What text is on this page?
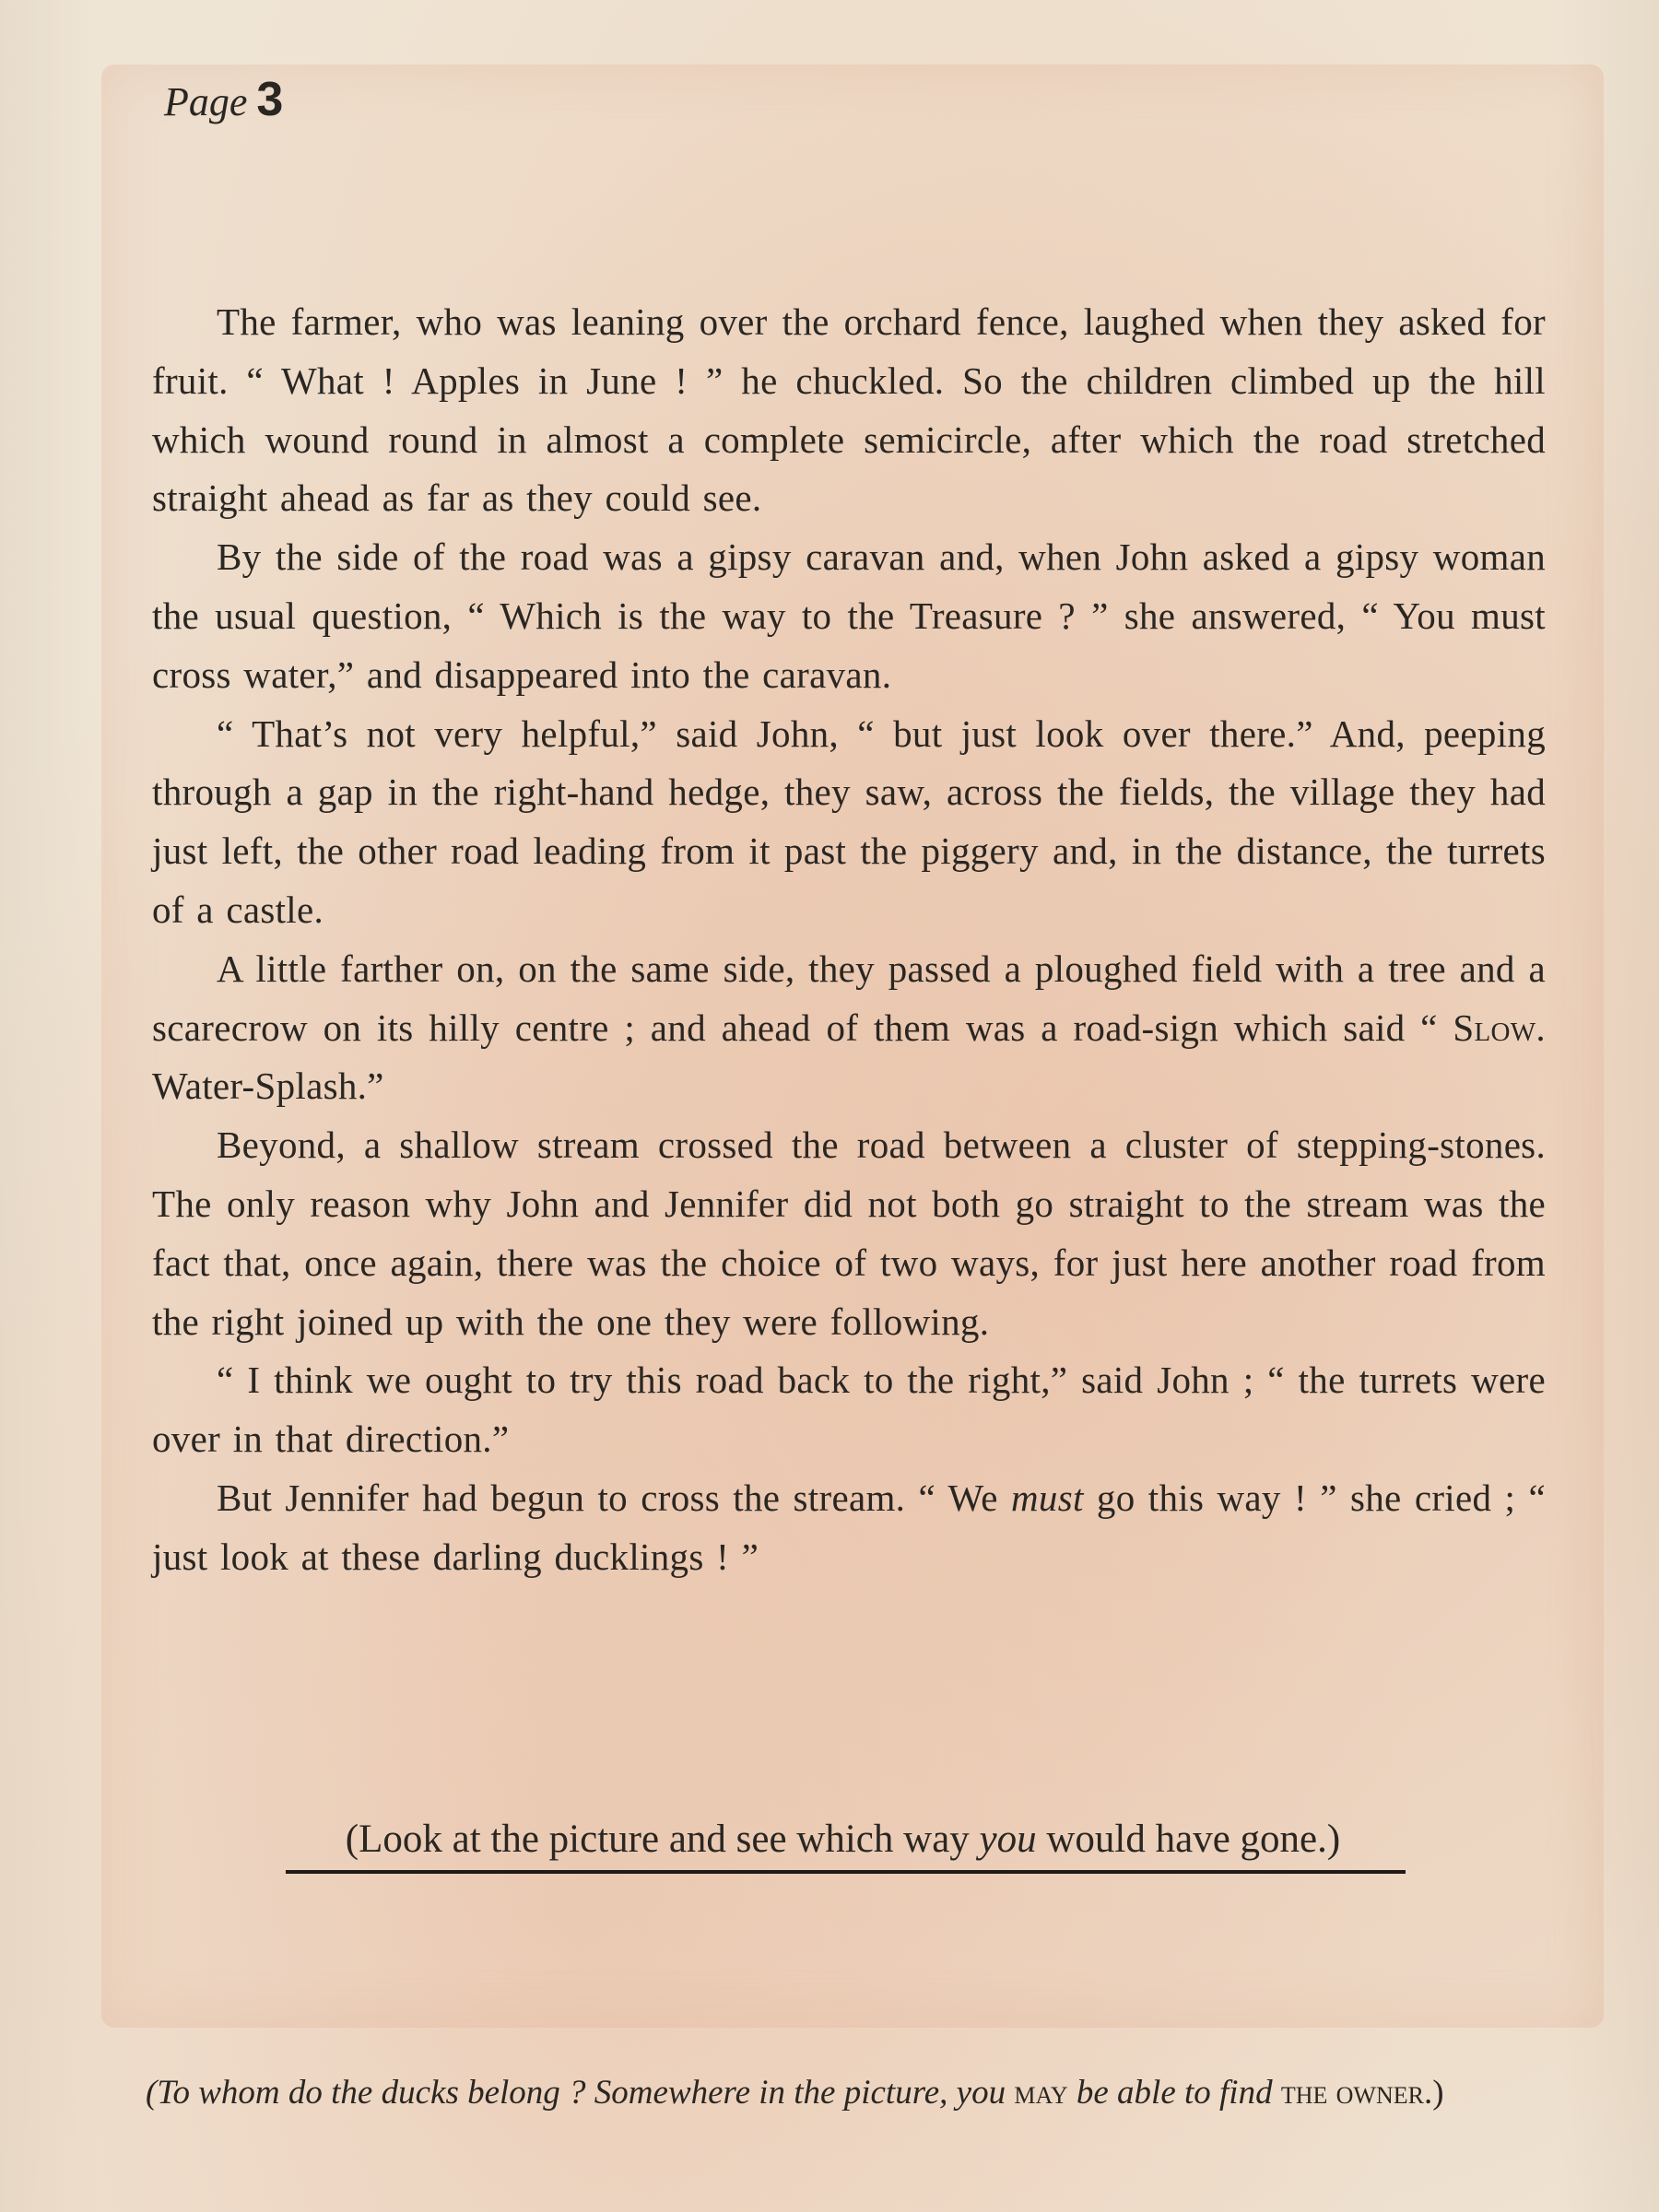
Page 3

The farmer, who was leaning over the orchard fence, laughed when they asked for fruit. “ What ! Apples in June ! ” he chuckled. So the children climbed up the hill which wound round in almost a complete semicircle, after which the road stretched straight ahead as far as they could see.

By the side of the road was a gipsy caravan and, when John asked a gipsy woman the usual question, “ Which is the way to the Treasure ? ” she answered, “ You must cross water,” and disappeared into the caravan.

“ That’s not very helpful,” said John, “ but just look over there.” And, peeping through a gap in the right-hand hedge, they saw, across the fields, the village they had just left, the other road leading from it past the piggery and, in the distance, the turrets of a castle.

A little farther on, on the same side, they passed a ploughed field with a tree and a scarecrow on its hilly centre ; and ahead of them was a road-sign which said “ Slow. Water-Splash.”

Beyond, a shallow stream crossed the road between a cluster of stepping-stones. The only reason why John and Jennifer did not both go straight to the stream was the fact that, once again, there was the choice of two ways, for just here another road from the right joined up with the one they were following.

“ I think we ought to try this road back to the right,” said John ; “ the turrets were over in that direction.”

But Jennifer had begun to cross the stream. “ We must go this way ! ” she cried ; “ just look at these darling ducklings ! ”

(Look at the picture and see which way you would have gone.)
(To whom do the ducks belong ? Somewhere in the picture, you may be able to find the owner.)
